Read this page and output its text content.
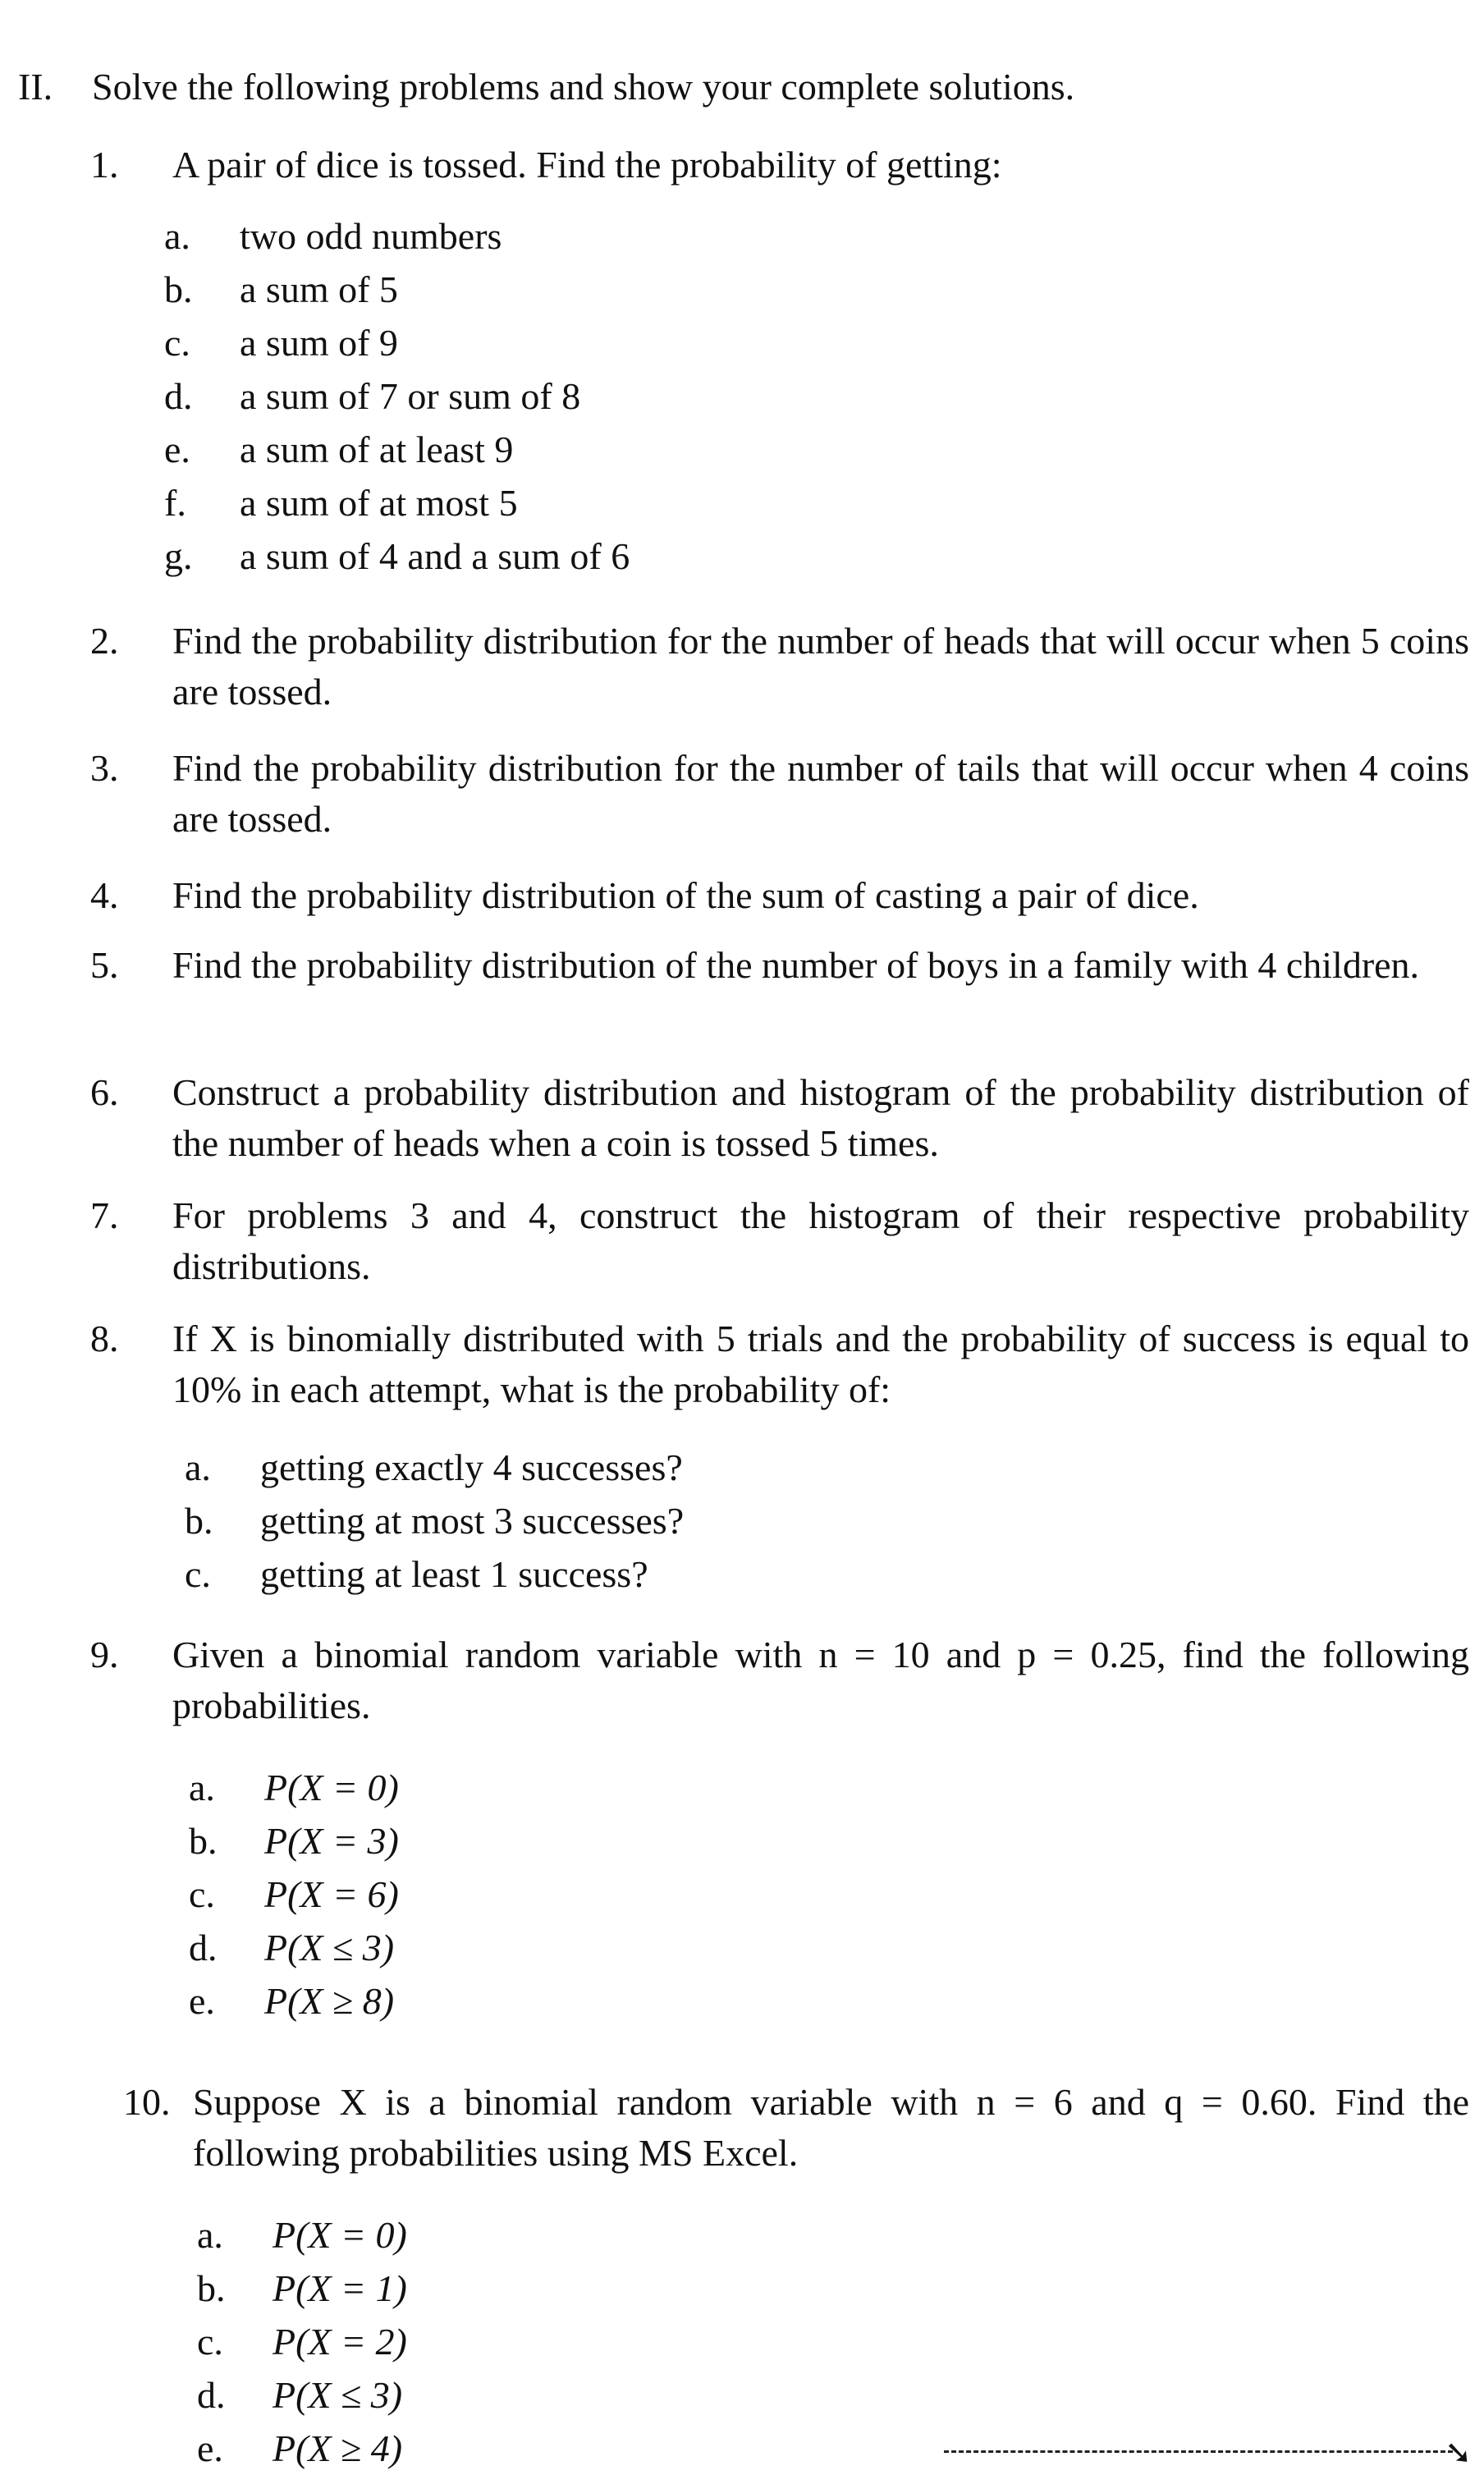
II. Solve the following problems and show your complete solutions.
1.	A pair of dice is tossed. Find the probability of getting:
a. two odd numbers
b. a sum of 5
c. a sum of 9
d. a sum of 7 or sum of 8
e. a sum of at least 9
f. a sum of at most 5
g. a sum of 4 and a sum of 6
2.	Find the probability distribution for the number of heads that will occur when 5 coins are tossed.
3.	Find the probability distribution for the number of tails that will occur when 4 coins are tossed.
4.	Find the probability distribution of the sum of casting a pair of dice.
5.	Find the probability distribution of the number of boys in a family with 4 children.
6.	Construct a probability distribution and histogram of the probability distribution of the number of heads when a coin is tossed 5 times.
7.	For problems 3 and 4, construct the histogram of their respective probability distributions.
8.	If X is binomially distributed with 5 trials and the probability of success is equal to 10% in each attempt, what is the probability of:
a. getting exactly 4 successes?
b. getting at most 3 successes?
c. getting at least 1 success?
9.	Given a binomial random variable with n = 10 and p = 0.25, find the following probabilities.
a. P(X = 0)
b. P(X = 3)
c. P(X = 6)
d. P(X ≤ 3)
e. P(X ≥ 8)
10. Suppose X is a binomial random variable with n = 6 and q = 0.60. Find the following probabilities using MS Excel.
a. P(X = 0)
b. P(X = 1)
c. P(X = 2)
d. P(X ≤ 3)
e. P(X ≥ 4)	➘
